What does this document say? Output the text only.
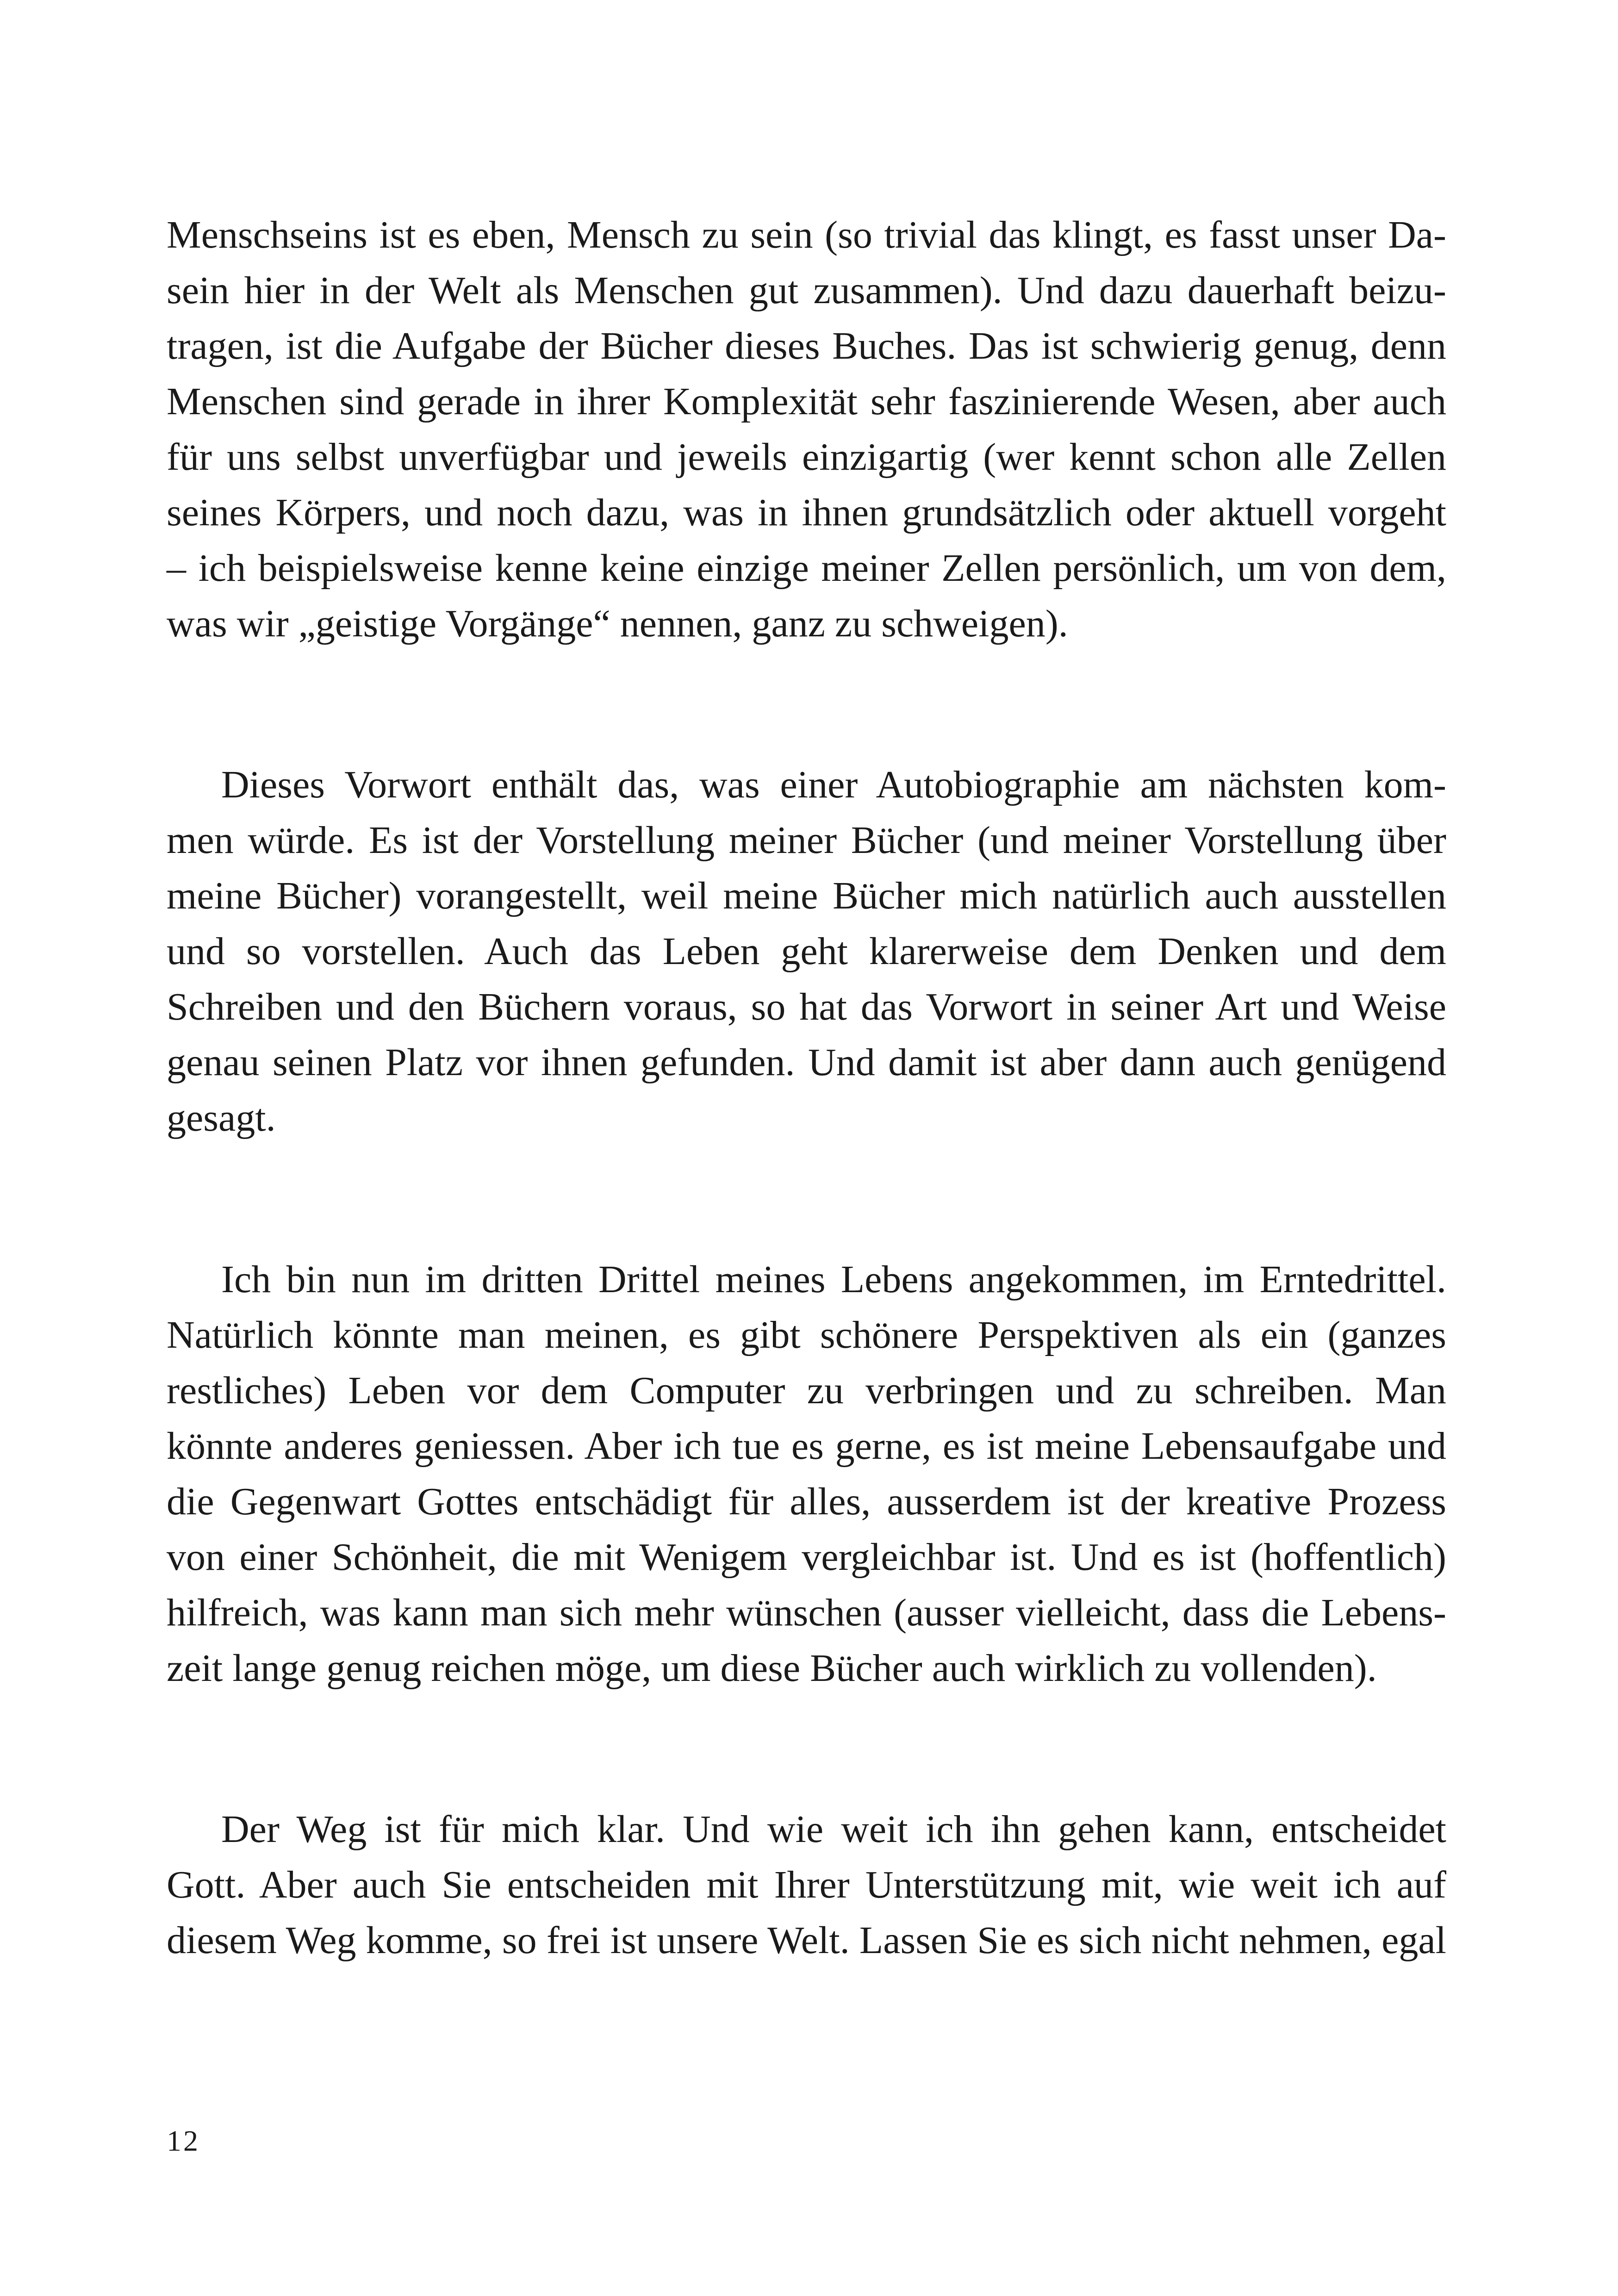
Menschseins ist es eben, Mensch zu sein (so trivial das klingt, es fasst unser Da-
sein hier in der Welt als Menschen gut zusammen). Und dazu dauerhaft beizu-
tragen, ist die Aufgabe der Bücher dieses Buches. Das ist schwierig genug, denn
Menschen sind gerade in ihrer Komplexität sehr faszinierende Wesen, aber auch
für uns selbst unverfügbar und jeweils einzigartig (wer kennt schon alle Zellen
seines Körpers, und noch dazu, was in ihnen grundsätzlich oder aktuell vorgeht
– ich beispielsweise kenne keine einzige meiner Zellen persönlich, um von dem,
was wir „geistige Vorgänge“ nennen, ganz zu schweigen).
Dieses Vorwort enthält das, was einer Autobiographie am nächsten kom-
men würde. Es ist der Vorstellung meiner Bücher (und meiner Vorstellung über
meine Bücher) vorangestellt, weil meine Bücher mich natürlich auch ausstellen
und so vorstellen. Auch das Leben geht klarerweise dem Denken und dem
Schreiben und den Büchern voraus, so hat das Vorwort in seiner Art und Weise
genau seinen Platz vor ihnen gefunden. Und damit ist aber dann auch genügend
gesagt.
Ich bin nun im dritten Drittel meines Lebens angekommen, im Erntedrittel.
Natürlich könnte man meinen, es gibt schönere Perspektiven als ein (ganzes
restliches) Leben vor dem Computer zu verbringen und zu schreiben. Man
könnte anderes geniessen. Aber ich tue es gerne, es ist meine Lebensaufgabe und
die Gegenwart Gottes entschädigt für alles, ausserdem ist der kreative Prozess
von einer Schönheit, die mit Wenigem vergleichbar ist. Und es ist (hoffentlich)
hilfreich, was kann man sich mehr wünschen (ausser vielleicht, dass die Lebens-
zeit lange genug reichen möge, um diese Bücher auch wirklich zu vollenden).
Der Weg ist für mich klar. Und wie weit ich ihn gehen kann, entscheidet
Gott. Aber auch Sie entscheiden mit Ihrer Unterstützung mit, wie weit ich auf
diesem Weg komme, so frei ist unsere Welt. Lassen Sie es sich nicht nehmen, egal
12
